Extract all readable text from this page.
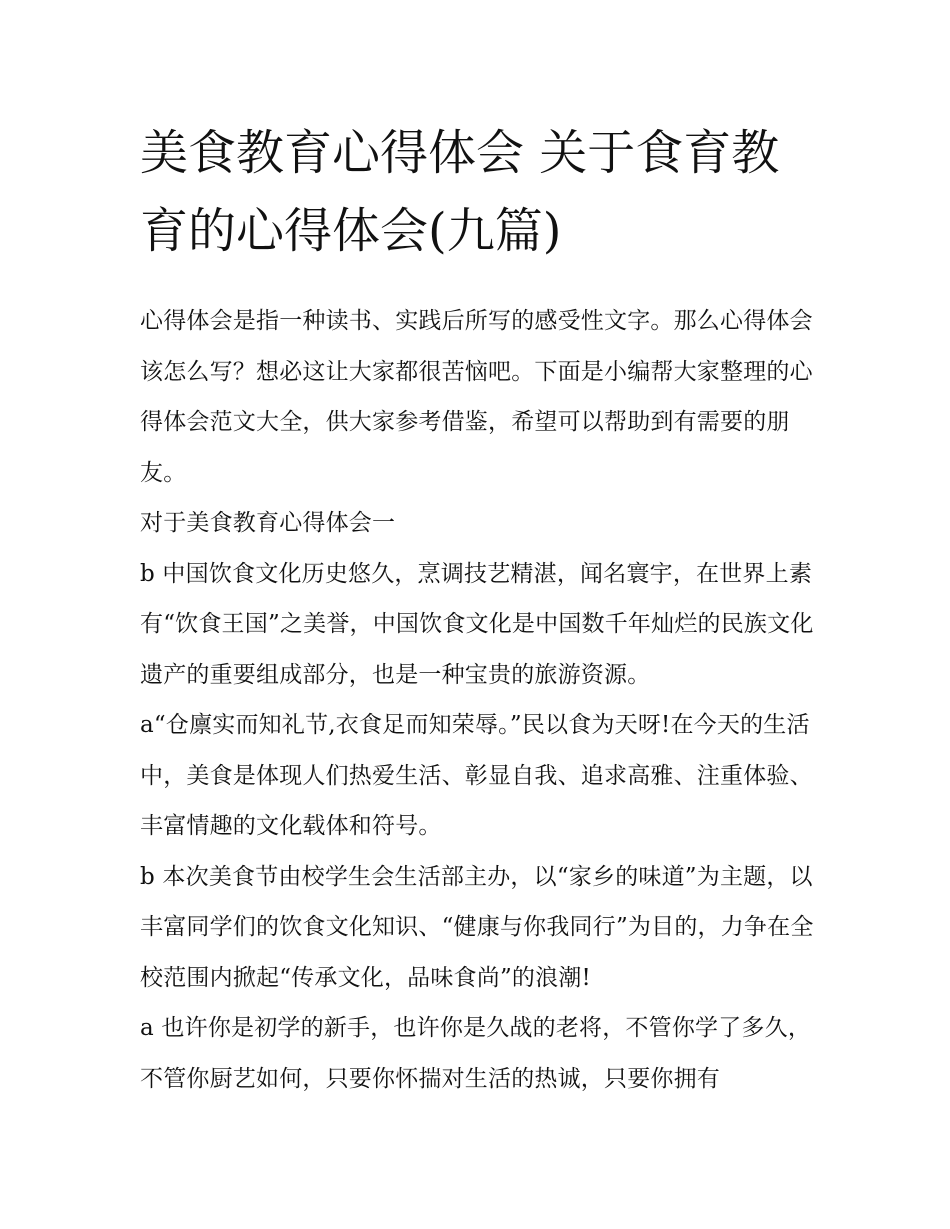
美食教育心得体会 关于食育教育的心得体会(九篇)

心得体会是指一种读书、实践后所写的感受性文字。那么心得体会该怎么写？想必这让大家都很苦恼吧。下面是小编帮大家整理的心得体会范文大全，供大家参考借鉴，希望可以帮助到有需要的朋友。

对于美食教育心得体会一

b 中国饮食文化历史悠久，烹调技艺精湛，闻名寰宇，在世界上素有“饮食王国”之美誉，中国饮食文化是中国数千年灿烂的民族文化遗产的重要组成部分，也是一种宝贵的旅游资源。

a“仓廪实而知礼节,衣食足而知荣辱。”民以食为天呀!在今天的生活中，美食是体现人们热爱生活、彰显自我、追求高雅、注重体验、丰富情趣的文化载体和符号。

b 本次美食节由校学生会生活部主办，以“家乡的味道”为主题，以丰富同学们的饮食文化知识、“健康与你我同行”为目的，力争在全校范围内掀起“传承文化，品味食尚”的浪潮!

a 也许你是初学的新手，也许你是久战的老将，不管你学了多久，不管你厨艺如何，只要你怀揣对生活的热诚，只要你拥有
